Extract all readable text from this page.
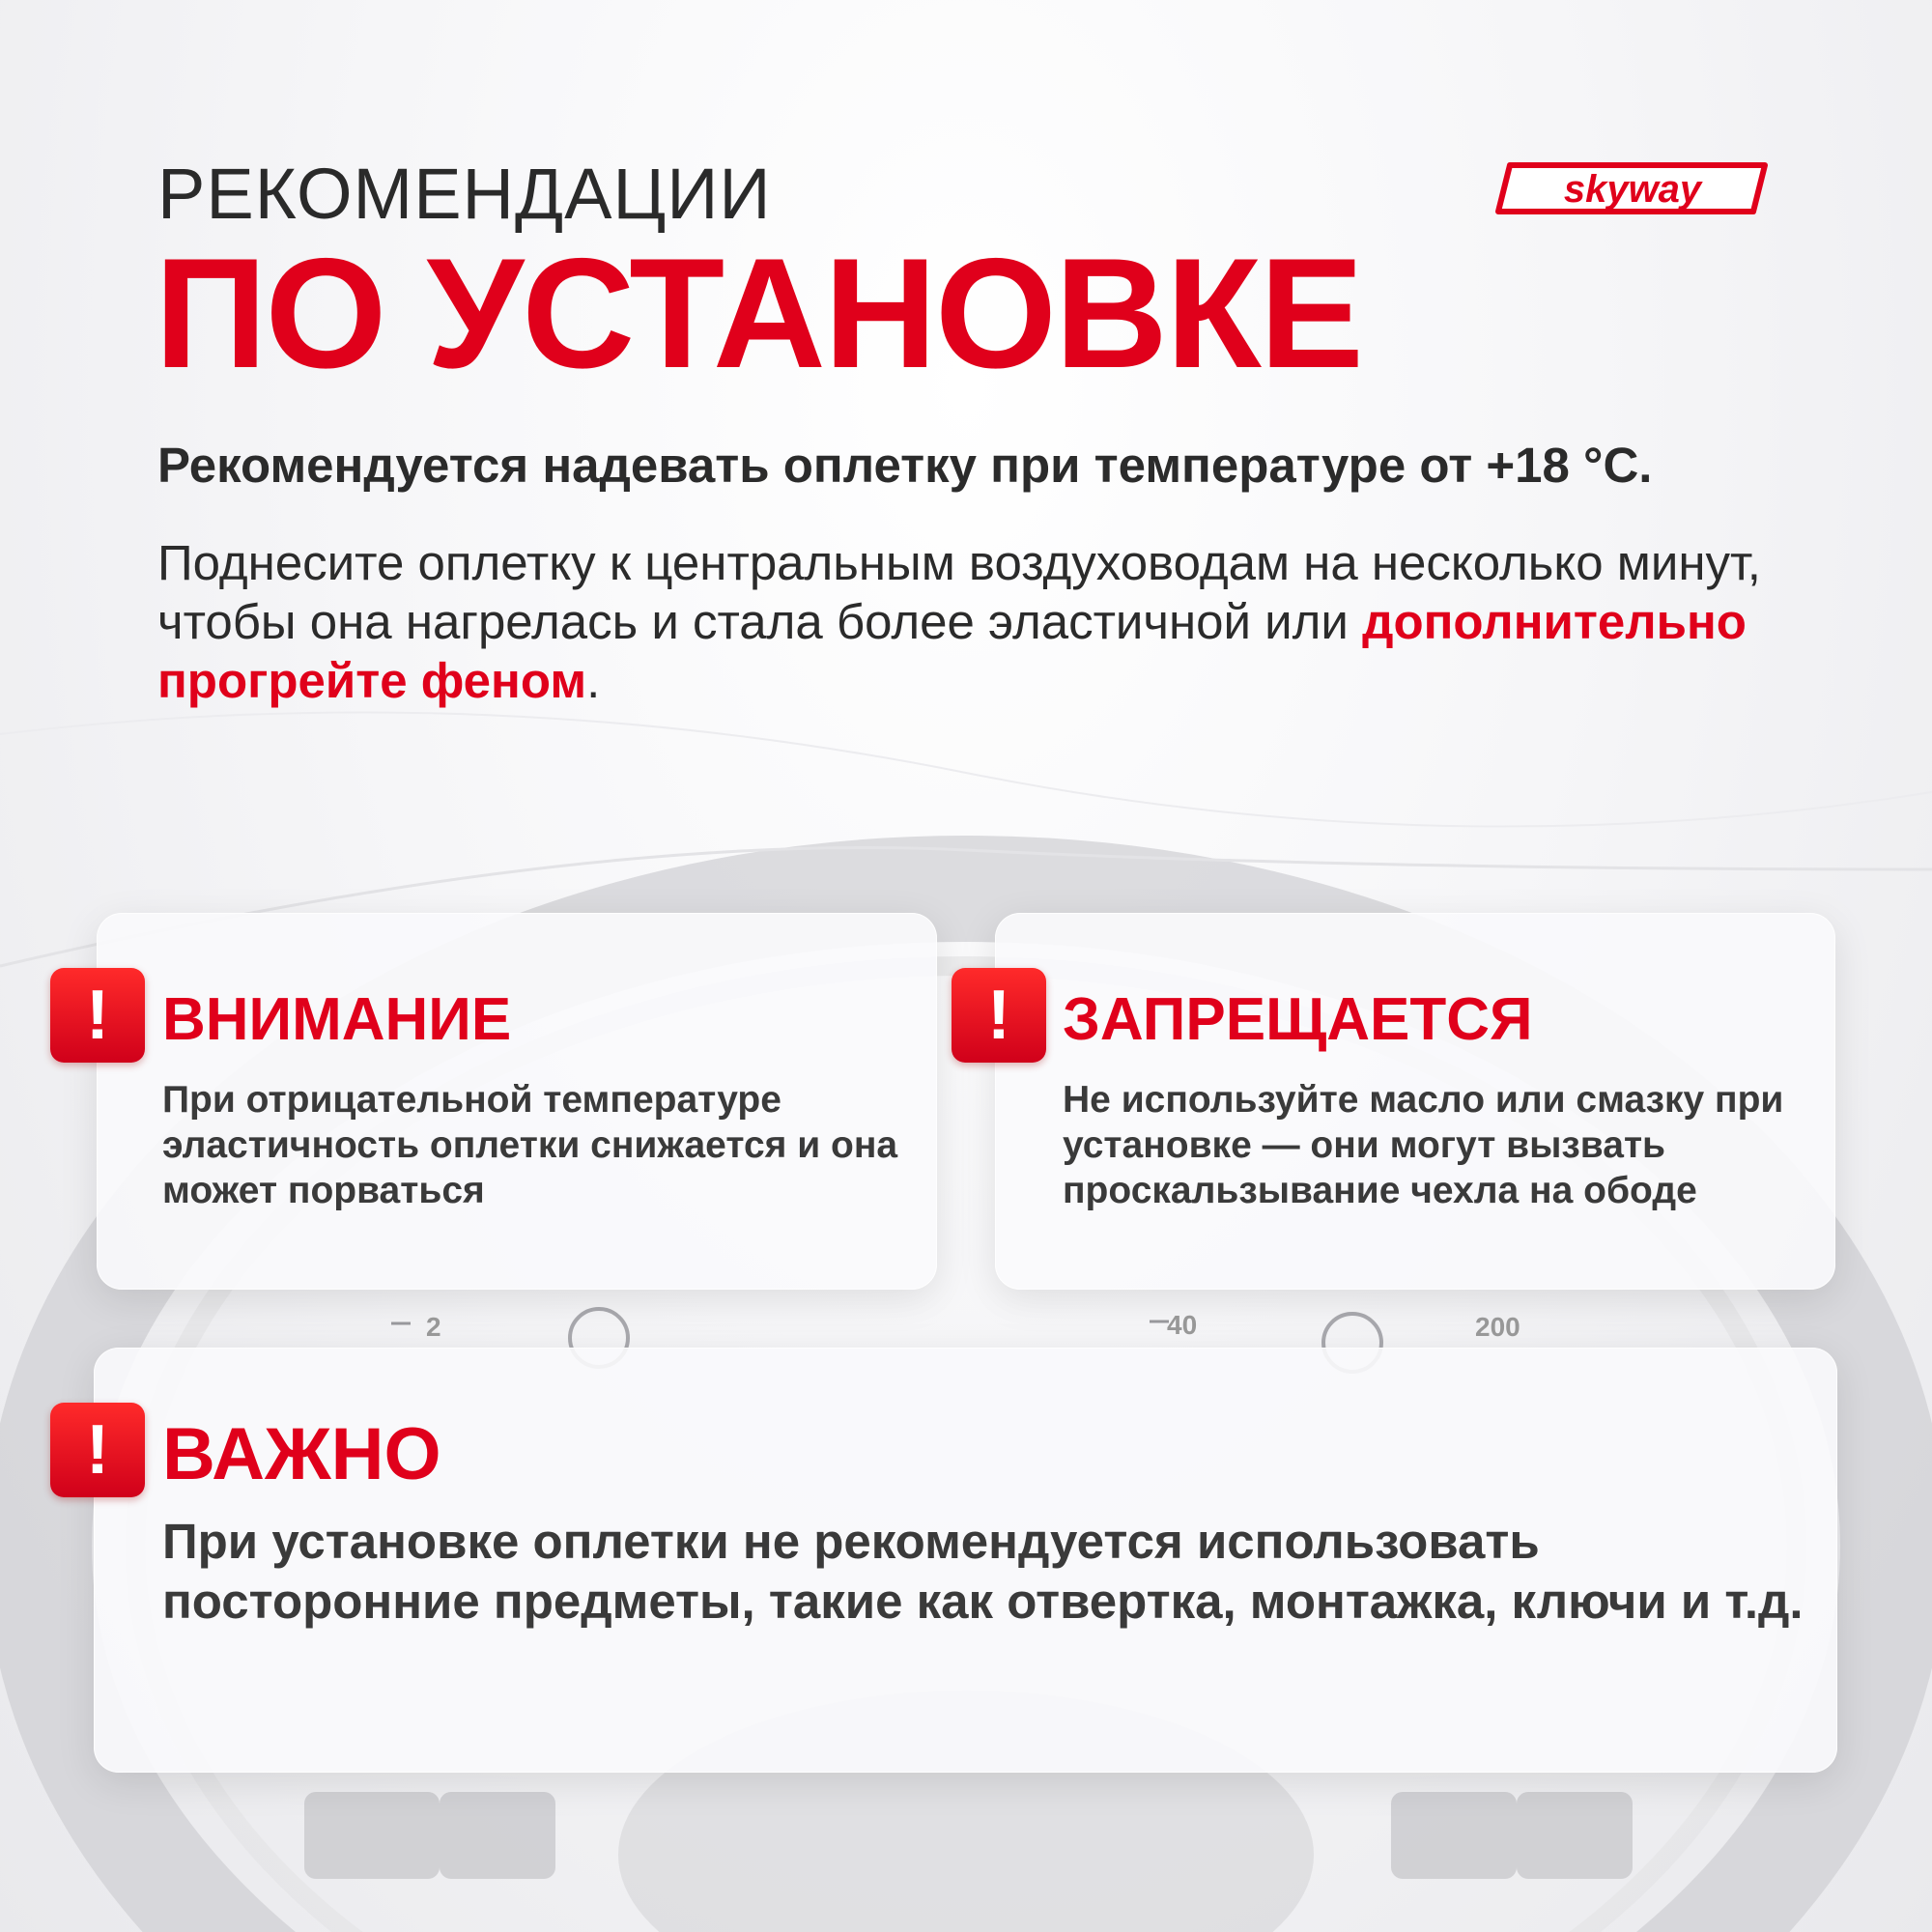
2	40	200
РЕКОМЕНДАЦИИ
ПО УСТАНОВКЕ
skyway
Рекомендуется надевать оплетку при температуре от +18 °С.
Поднесите оплетку к центральным воздуховодам на несколько минут, чтобы она нагрелась и стала более эластичной или дополнительно прогрейте феном.
!	!
!
ВНИМАНИЕ	ЗАПРЕЩАЕТСЯ
ВАЖНО
При отрицательной температуре эластичность оплетки снижается и она может порваться
Не используйте масло или смазку при установке — они могут вызвать проскальзывание чехла на ободе
При установке оплетки не рекомендуется использовать посторонние предметы, такие как отвертка, монтажка, ключи и т.д.
